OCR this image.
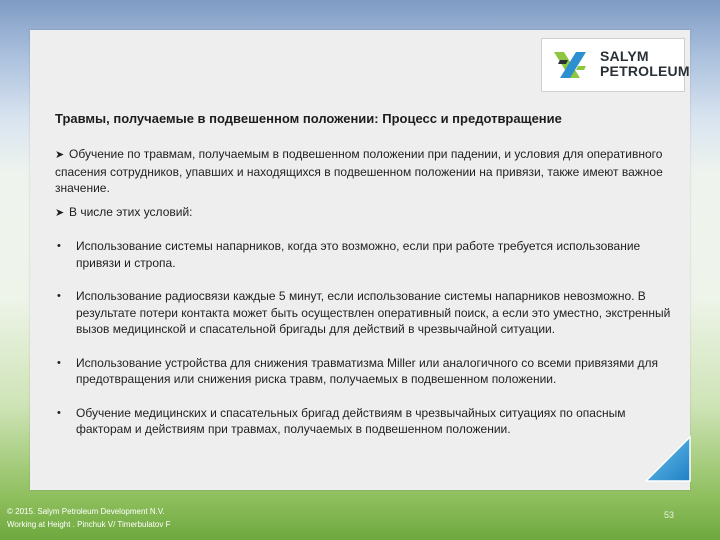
SALYM
PETROLEUM
Травмы, получаемые в подвешенном положении: Процесс и предотвращение
➤ Обучение по травмам, получаемым в подвешенном положении при падении, и условия для оперативного спасения сотрудников, упавших и находящихся в подвешенном положении на привязи, также имеют важное значение.
➤ В числе этих условий:
•	Использование системы напарников, когда это возможно, если при работе требуется использование привязи и стропа.
•	Использование радиосвязи каждые 5 минут, если использование системы напарников невозможно. В результате потери контакта может быть осуществлен оперативный поиск, а если это уместно, экстренный вызов медицинской и спасательной бригады для действий в чрезвычайной ситуации.
•	Использование устройства для снижения травматизма Miller или аналогичного со всеми привязями для предотвращения или снижения риска травм, получаемых в подвешенном положении.
•	Обучение медицинских и спасательных бригад действиям в чрезвычайных ситуациях по опасным факторам и действиям при травмах, получаемых в подвешенном положении.
© 2015. Salym Petroleum Development N.V.
Working at Height . Pinchuk V/ Timerbulatov F
53
